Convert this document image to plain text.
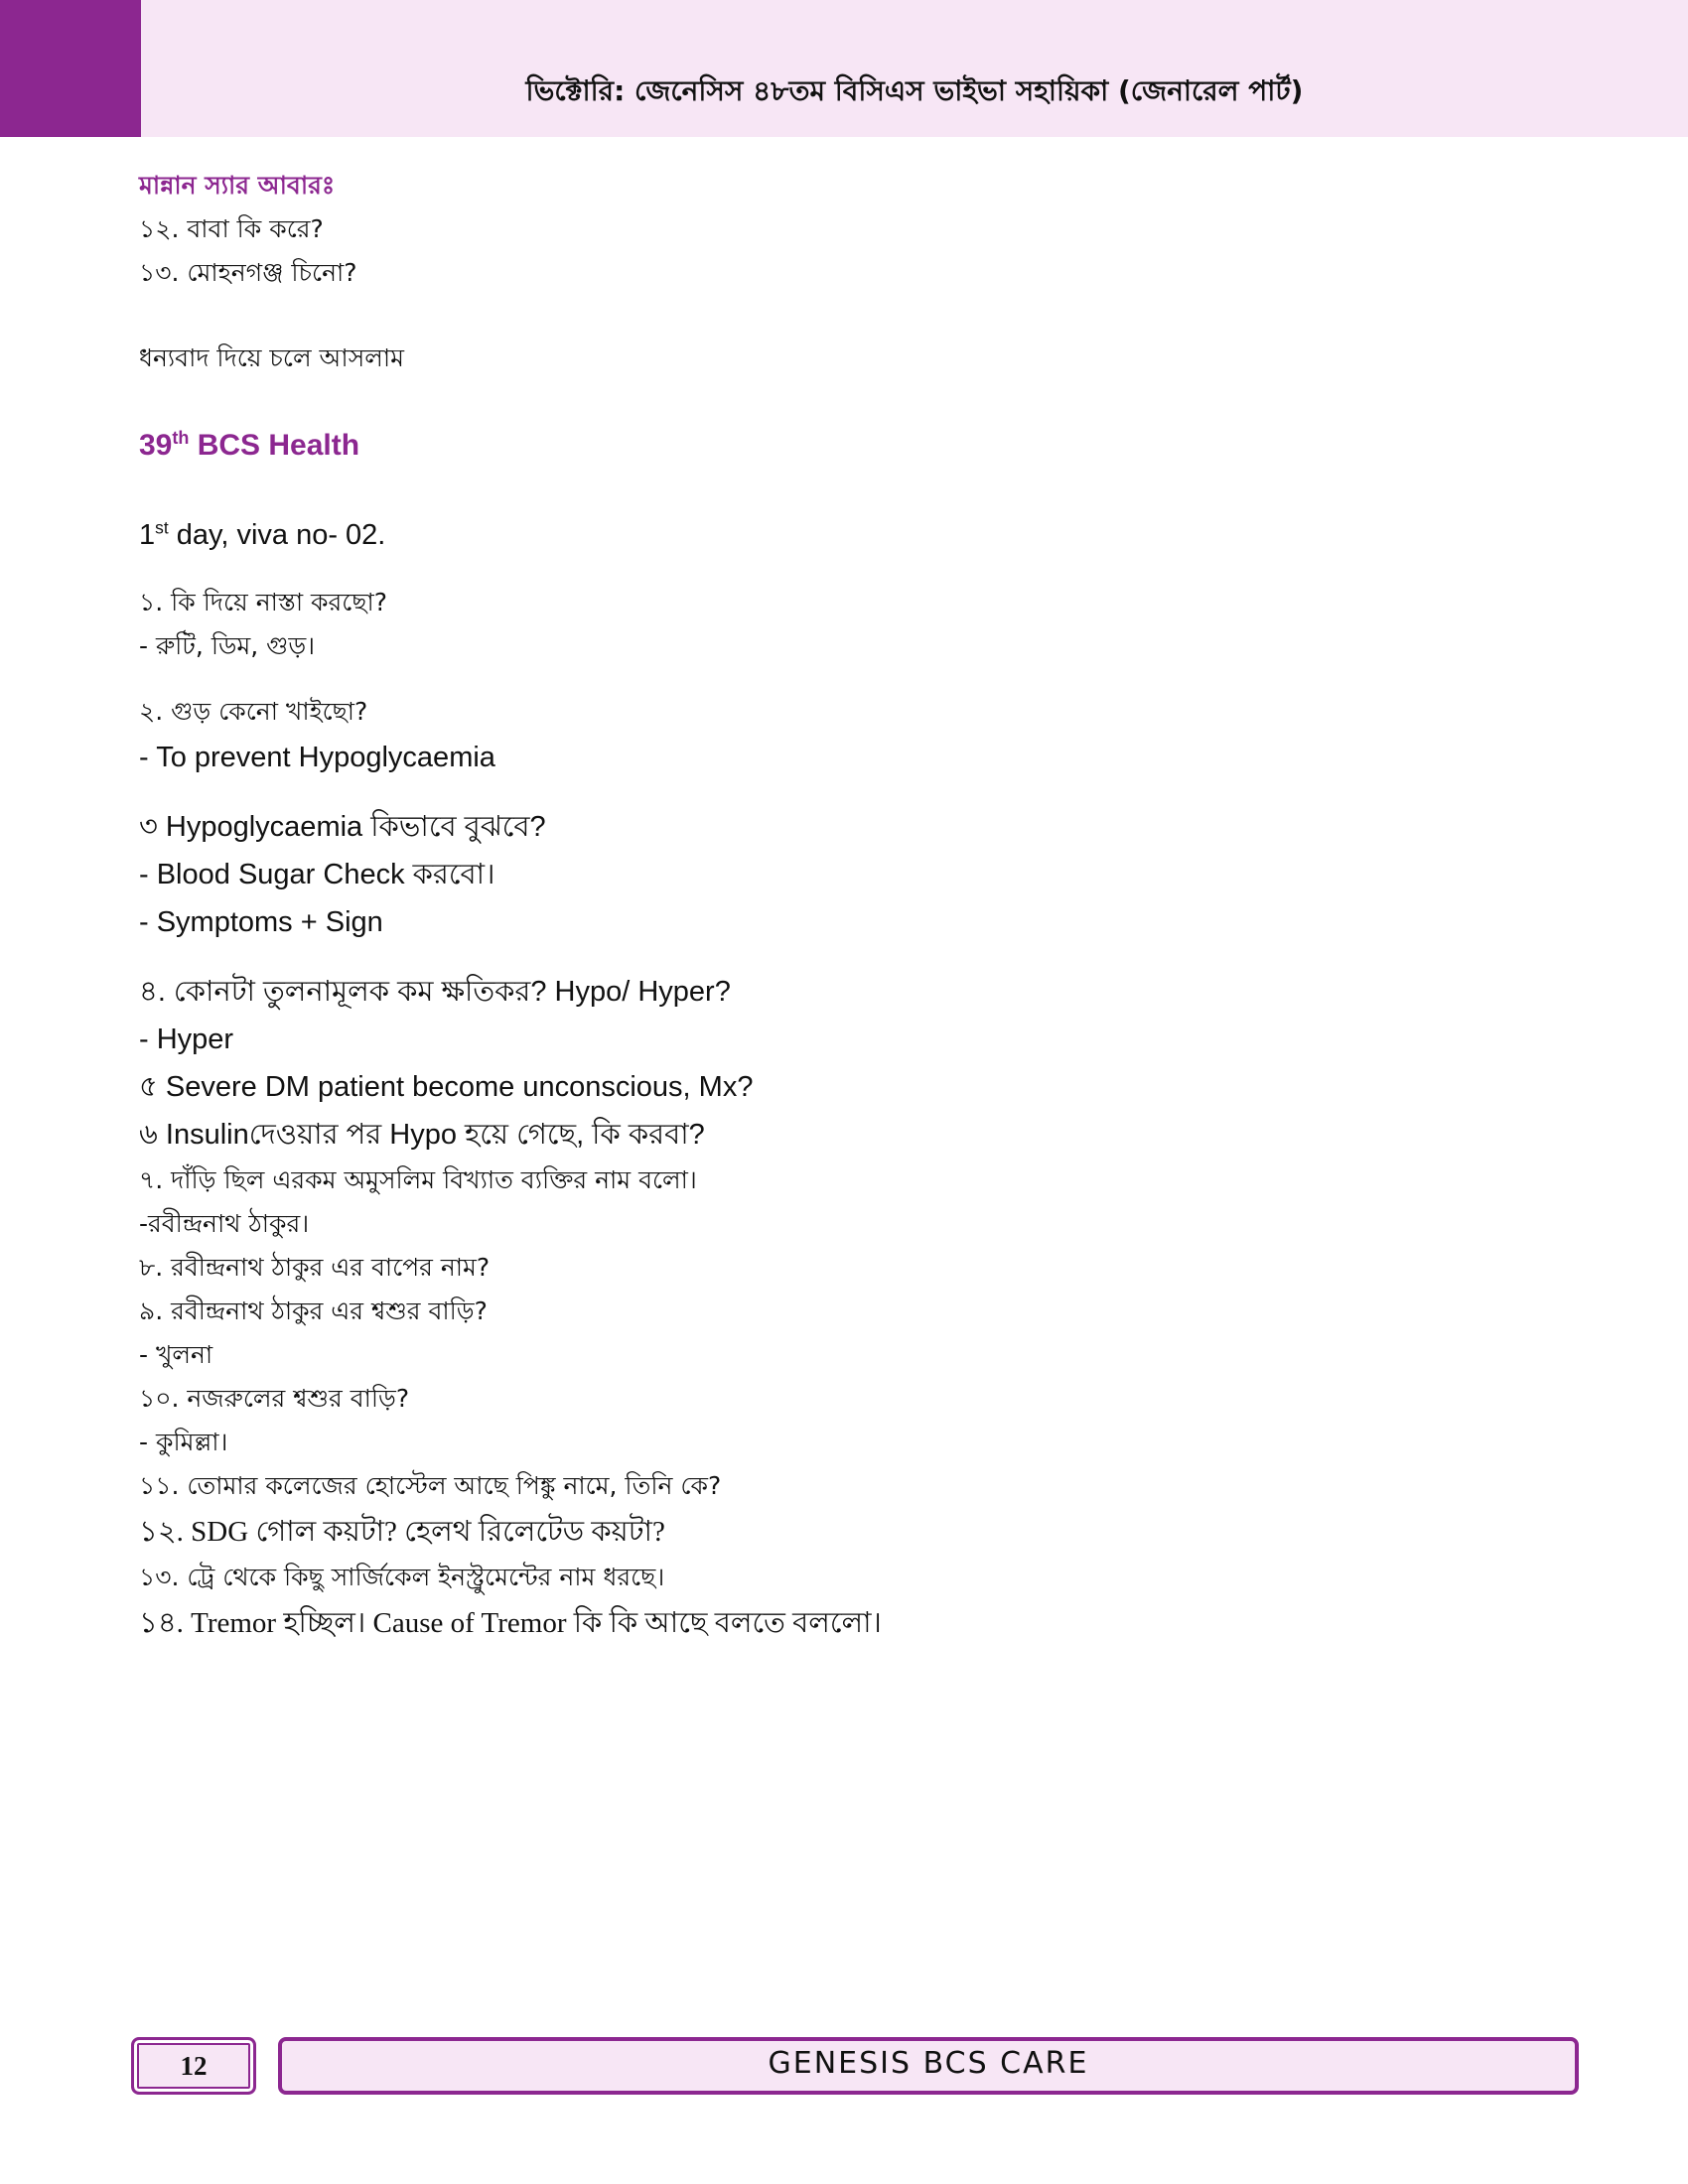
ভিক্টোরি: জেনেসিস ৪৮তম বিসিএস ভাইভা সহায়িকা (জেনারেল পার্ট)
মান্নান স্যার আবারঃ
১২. বাবা কি করে?
১৩. মোহনগঞ্জ চিনো?
ধন্যবাদ দিয়ে চলে আসলাম
39th BCS Health
1st day, viva no- 02.
১. কি দিয়ে নাস্তা করছো?
- রুটি, ডিম, গুড়।
২. গুড় কেনো খাইছো?
- To prevent Hypoglycaemia
৩ Hypoglycaemia কিভাবে বুঝবে?
- Blood Sugar Check করবো।
- Symptoms + Sign
৪. কোনটা তুলনামূলক কম ক্ষতিকর? Hypo/ Hyper?
- Hyper
৫ Severe DM patient become unconscious, Mx?
৬ Insulinদেওয়ার পর Hypo হয়ে গেছে, কি করবা?
৭. দাঁড়ি ছিল এরকম অমুসলিম বিখ্যাত ব্যক্তির নাম বলো।
-রবীন্দ্রনাথ ঠাকুর।
৮. রবীন্দ্রনাথ ঠাকুর এর বাপের নাম?
৯. রবীন্দ্রনাথ ঠাকুর এর শ্বশুর বাড়ি?
- খুলনা
১০. নজরুলের শ্বশুর বাড়ি?
- কুমিল্লা।
১১. তোমার কলেজের হোস্টেল আছে পিঙ্কু নামে, তিনি কে?
১২. SDG গোল কয়টা? হেলথ রিলেটেড কয়টা?
১৩. ট্রে থেকে কিছু সার্জিকেল ইনস্ট্রুমেন্টের নাম ধরছে।
১৪. Tremor হচ্ছিল। Cause of Tremor কি কি আছে বলতে বললো।
12	GENESIS BCS CARE
